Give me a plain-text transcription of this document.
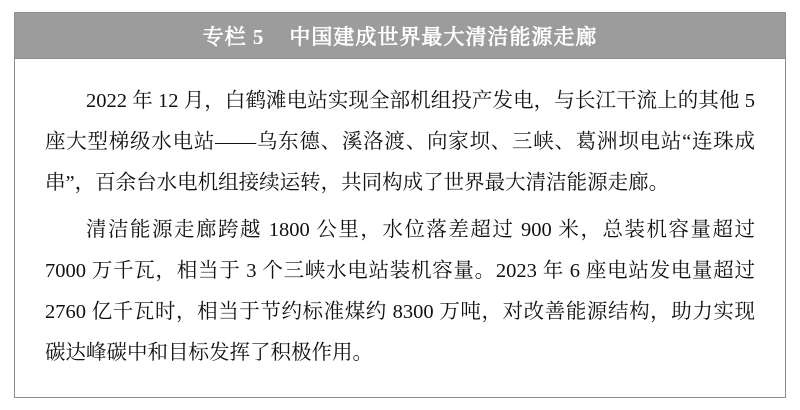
专栏 5    中国建成世界最大清洁能源走廊

2022 年 12 月，白鹤滩电站实现全部机组投产发电，与长江干流上的其他 5 座大型梯级水电站——乌东德、溪洛渡、向家坝、三峡、葛洲坝电站“连珠成串”，百余台水电机组接续运转，共同构成了世界最大清洁能源走廊。

清洁能源走廊跨越 1800 公里，水位落差超过 900 米，总装机容量超过 7000 万千瓦，相当于 3 个三峡水电站装机容量。2023 年 6 座电站发电量超过 2760 亿千瓦时，相当于节约标准煤约 8300 万吨，对改善能源结构，助力实现碳达峰碳中和目标发挥了积极作用。
